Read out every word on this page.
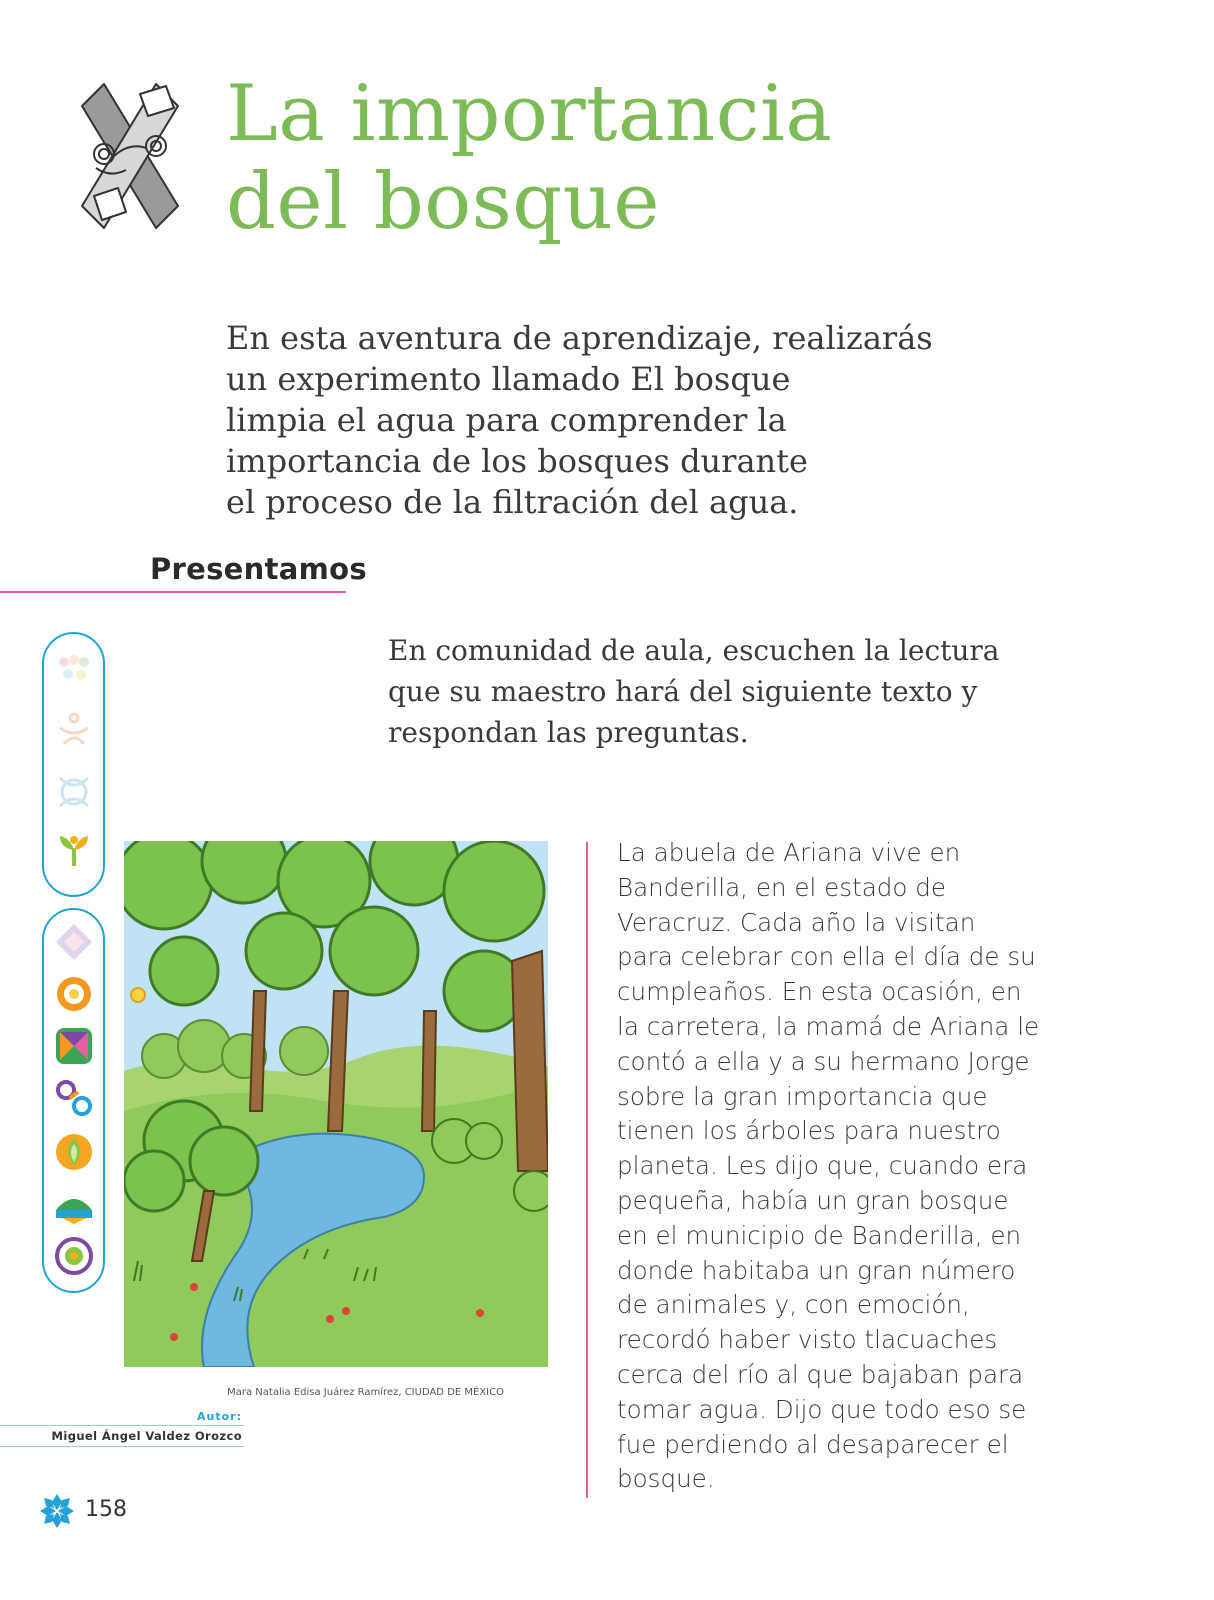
La importancia
del bosque
En esta aventura de aprendizaje, realizarás
un experimento llamado El bosque
limpia el agua para comprender la
importancia de los bosques durante
el proceso de la filtración del agua.
Presentamos
En comunidad de aula, escuchen la lectura
que su maestro hará del siguiente texto y
respondan las preguntas.
Mara Natalia Edisa Juárez Ramírez, CIUDAD DE MÉXICO
Autor:
Miguel Ángel Valdez Orozco
La abuela de Ariana vive en
Banderilla, en el estado de
Veracruz. Cada año la visitan
para celebrar con ella el día de su
cumpleaños. En esta ocasión, en
la carretera, la mamá de Ariana le
contó a ella y a su hermano Jorge
sobre la gran importancia que
tienen los árboles para nuestro
planeta. Les dijo que, cuando era
pequeña, había un gran bosque
en el municipio de Banderilla, en
donde habitaba un gran número
de animales y, con emoción,
recordó haber visto tlacuaches
cerca del río al que bajaban para
tomar agua. Dijo que todo eso se
fue perdiendo al desaparecer el
bosque.
158
